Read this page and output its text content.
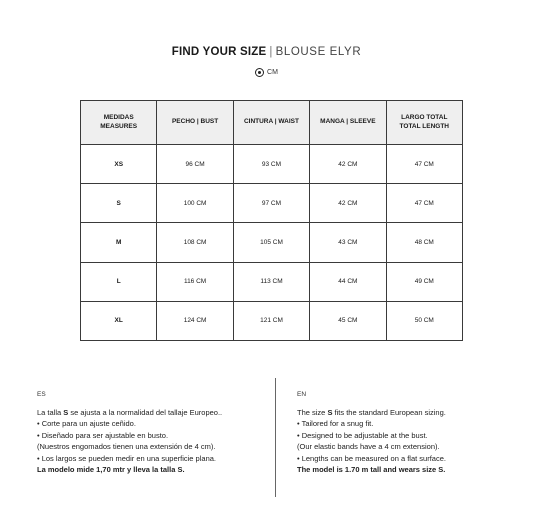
FIND YOUR SIZE | BLOUSE ELYR
CM
MEDIDAS
MEASURES	PECHO | BUST	CINTURA | WAIST	MANGA | SLEEVE	LARGO TOTAL
TOTAL LENGTH

XS	96 CM	93 CM	42 CM	47 CM
S	100 CM	97 CM	42 CM	47 CM
M	108 CM	105 CM	43 CM	48 CM
L	116 CM	113 CM	44 CM	49 CM
XL	124 CM	121 CM	45 CM	50 CM
ES
La talla S se ajusta a la normalidad del tallaje Europeo..
• Corte para un ajuste ceñido.
• Diseñado para ser ajustable en busto.
(Nuestros engomados tienen una extensión de 4 cm).
• Los largos se pueden medir en una superficie plana.
La modelo mide 1,70 mtr y lleva la talla S.
EN
The size S fits the standard European sizing.
• Tailored for a snug fit.
• Designed to be adjustable at the bust.
(Our elastic bands have a 4 cm extension).
• Lengths can be measured on a flat surface.
The model is 1.70 m tall and wears size S.
